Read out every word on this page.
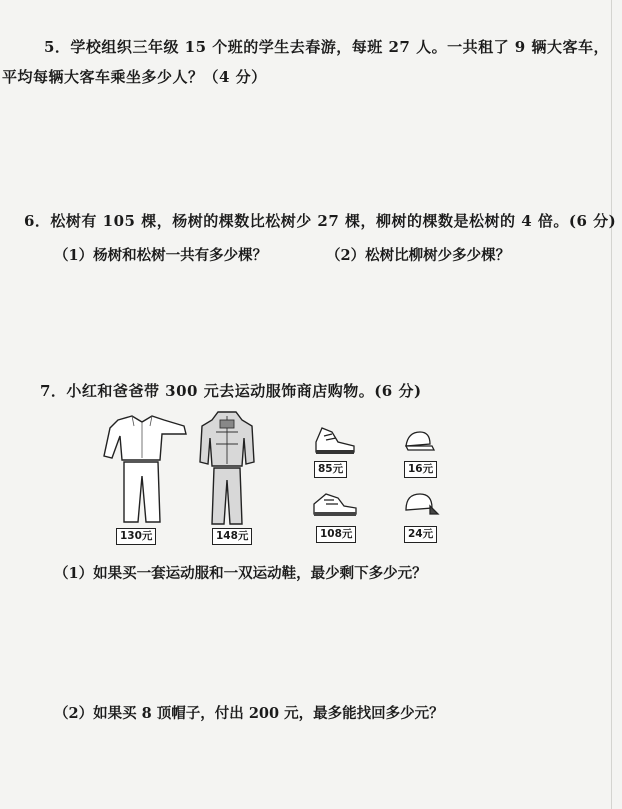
5．学校组织三年级 15 个班的学生去春游，每班 27 人。一共租了 9 辆大客车，
平均每辆大客车乘坐多少人？（4 分）
6．松树有 105 棵，杨树的棵数比松树少 27 棵，柳树的棵数是松树的 4 倍。(6 分)
（1）杨树和松树一共有多少棵？	（2）松树比柳树少多少棵？
7．小红和爸爸带 300 元去运动服饰商店购物。(6 分)
130元	148元
85元
108元
16元
24元
（1）如果买一套运动服和一双运动鞋，最少剩下多少元？
（2）如果买 8 顶帽子，付出 200 元，最多能找回多少元？
